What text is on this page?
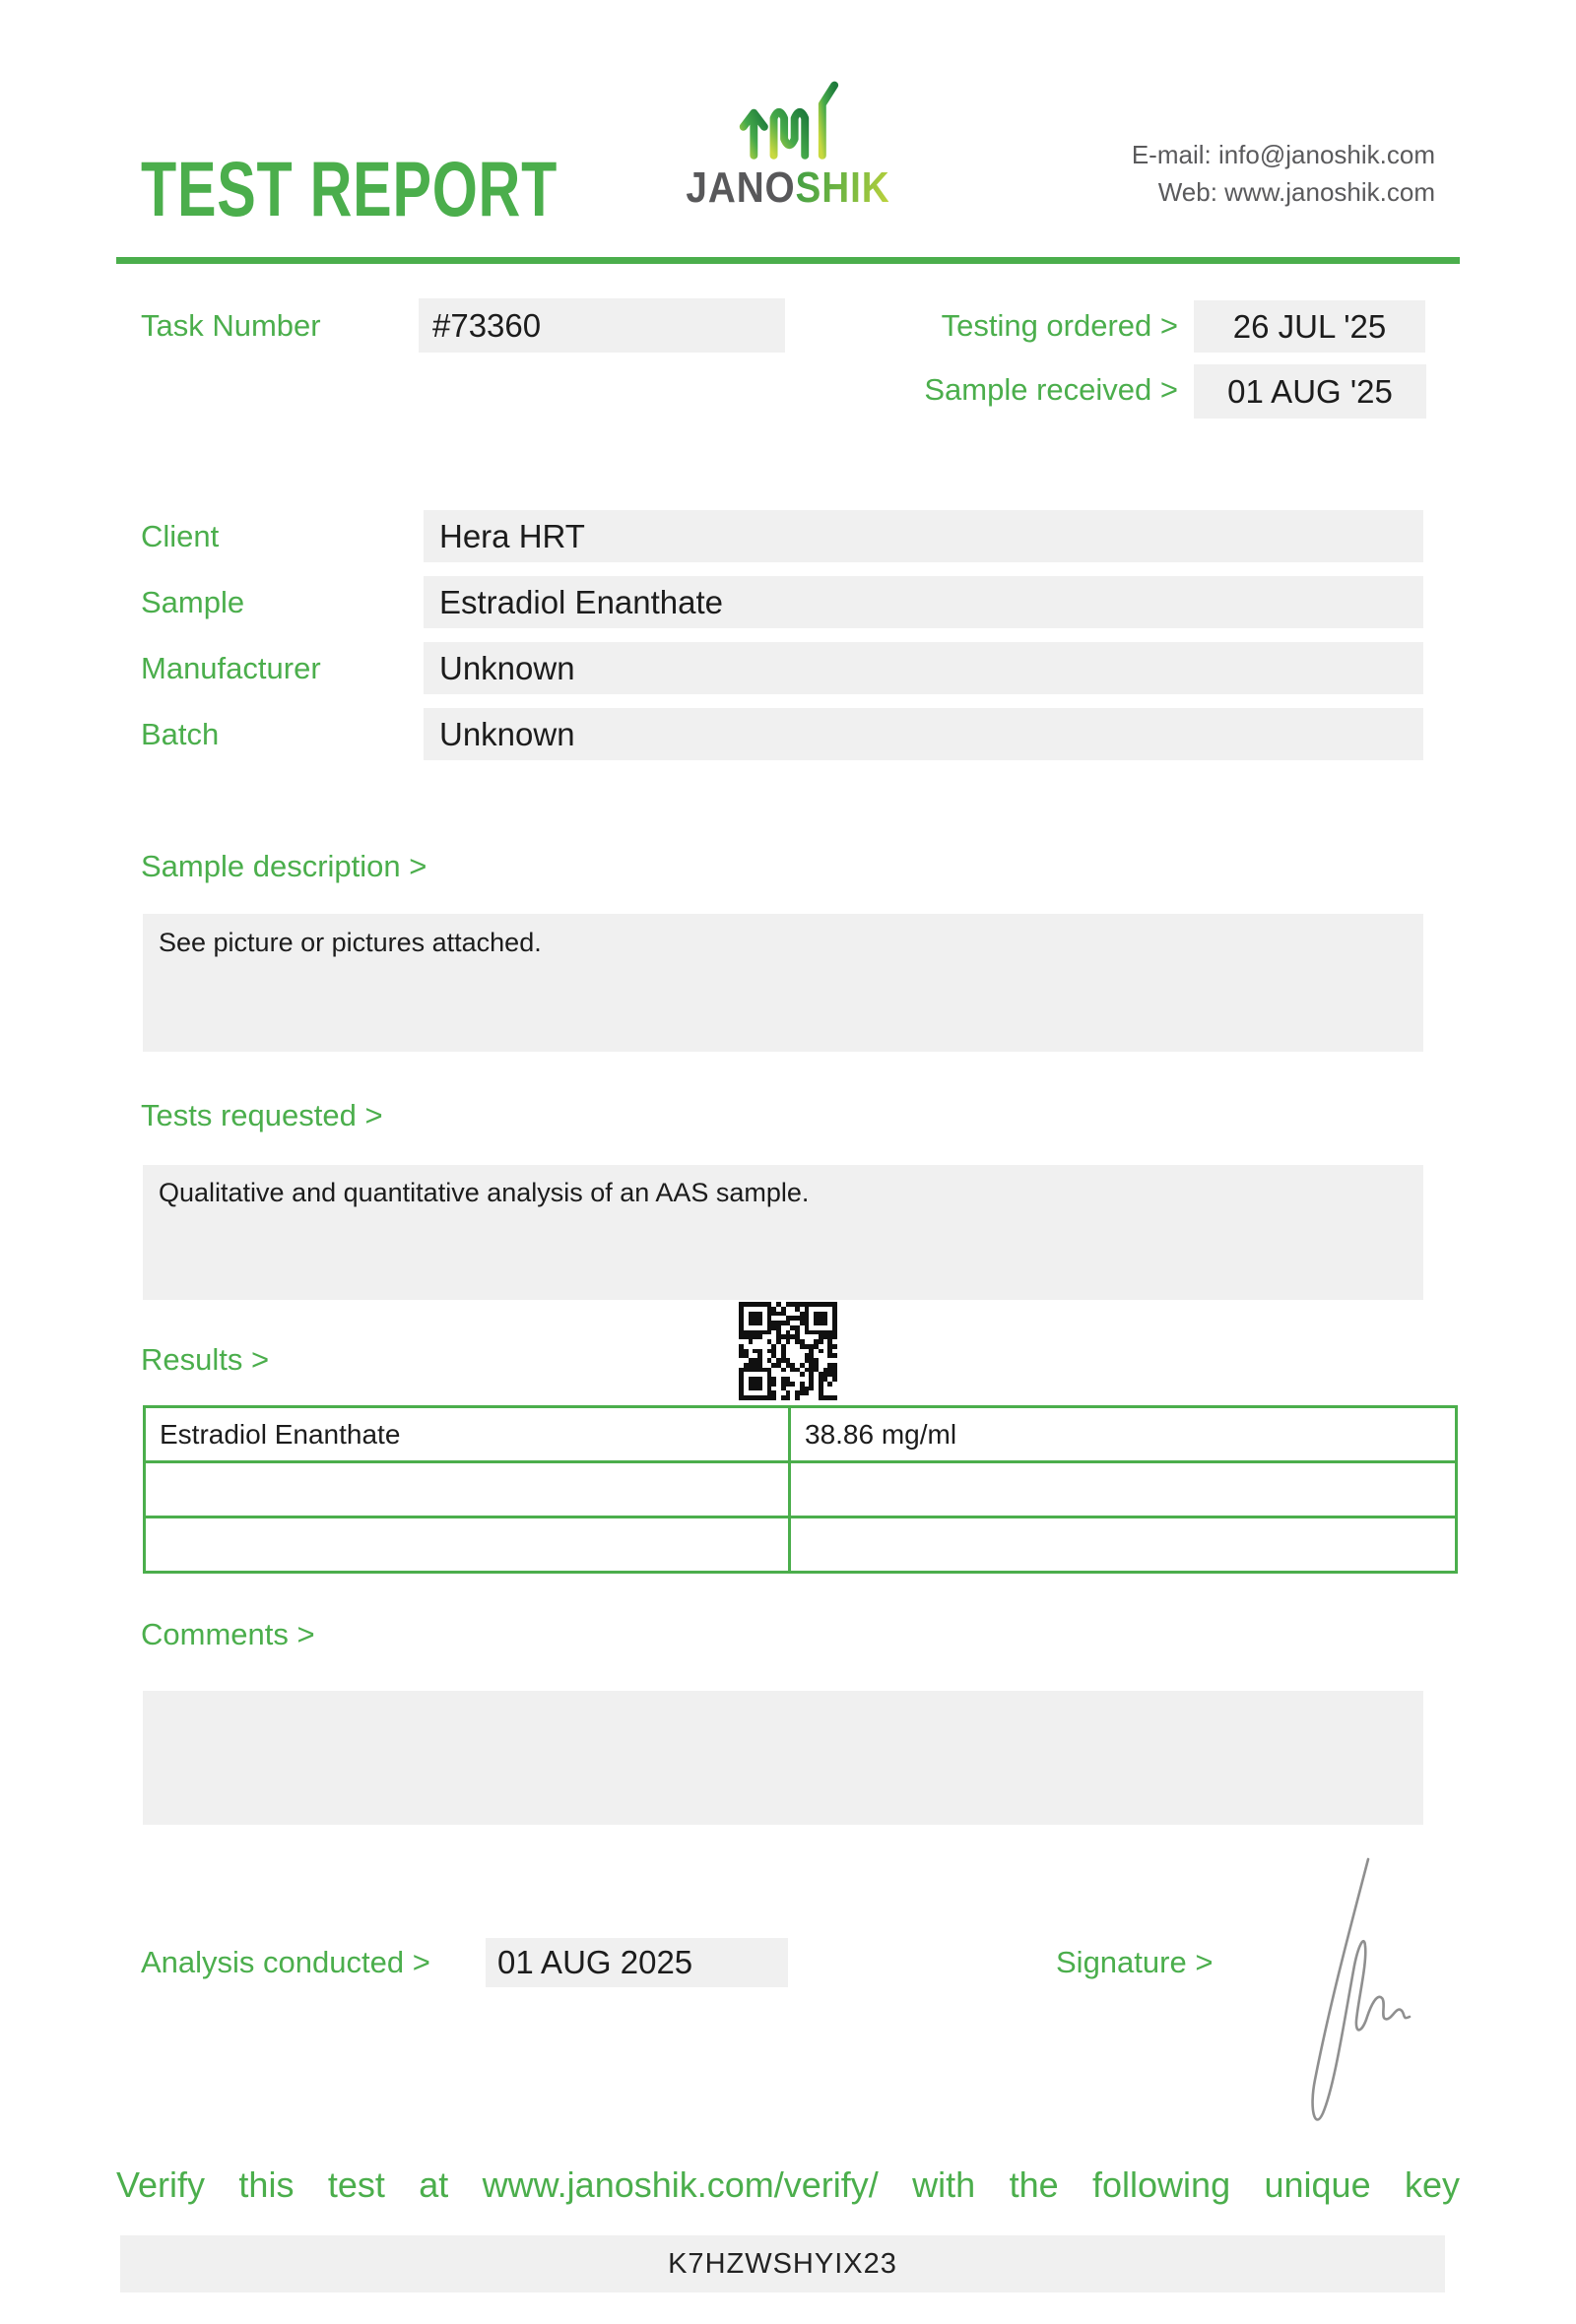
TEST REPORT	JANOSHIK
E-mail: info@janoshik.com
Web: www.janoshik.com
Task Number	#73360	Testing ordered >	26 JUL '25
Sample received >	01 AUG '25
Client	Hera HRT
Sample	Estradiol Enanthate
Manufacturer	Unknown
Batch	Unknown
Sample description >
See picture or pictures attached.
Tests requested >
Qualitative and quantitative analysis of an AAS sample.
Results >
Estradiol Enanthate	38.86 mg/ml

Comments >
Analysis conducted >	01 AUG 2025	Signature >
Verify this test at www.janoshik.com/verify/ with the following unique key
K7HZWSHYIX23
